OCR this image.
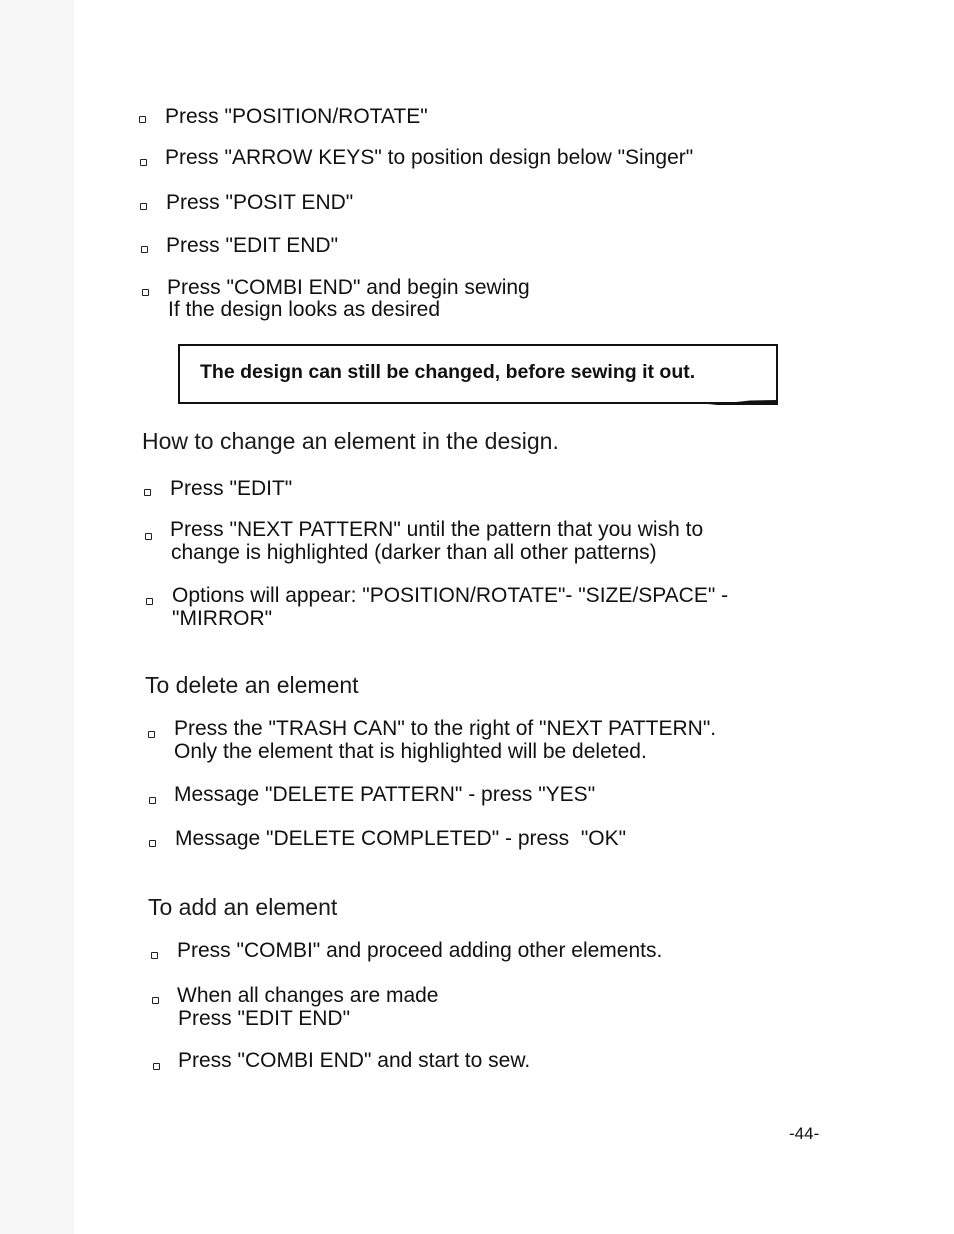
Press "POSITION/ROTATE"
Press "ARROW KEYS" to position design below "Singer"
Press "POSIT END"
Press "EDIT END"
Press "COMBI END" and begin sewing
If the design looks as desired
The design can still be changed, before sewing it out.
How to change an element in the design.
Press "EDIT"
Press "NEXT PATTERN" until the pattern that you wish to
change is highlighted (darker than all other patterns)
Options will appear: "POSITION/ROTATE"- "SIZE/SPACE" -
"MIRROR"
To delete an element
Press the "TRASH CAN" to the right of "NEXT PATTERN".
Only the element that is highlighted will be deleted.
Message "DELETE PATTERN" - press "YES"
Message "DELETE COMPLETED" - press  "OK"
To add an element
Press "COMBI" and proceed adding other elements.
When all changes are made
Press "EDIT END"
Press "COMBI END" and start to sew.
-44-
